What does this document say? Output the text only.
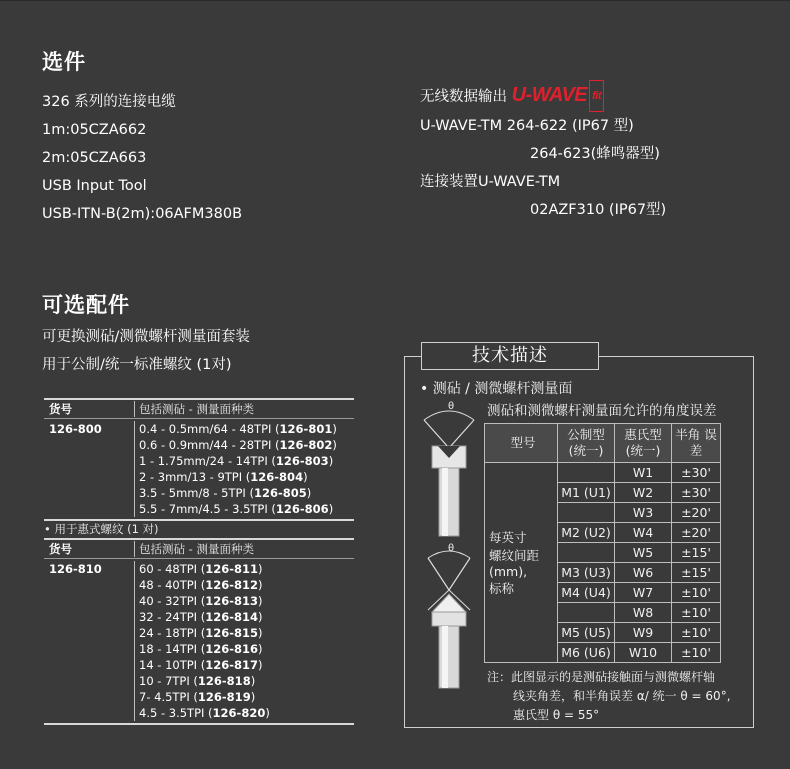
选件
326 系列的连接电缆
1m:05CZA662
2m:05CZA663
USB Input Tool
USB-ITN-B(2m):06AFM380B
无线数据输出 U-WAVE fit
U-WAVE-TM 264-622 (IP67 型)
264-623(蜂鸣器型)
连接装置U-WAVE-TM
02AZF310 (IP67型)
可选配件
可更换测砧/测微螺杆测量面套装
用于公制/统一标准螺纹 (1对)
货号	包括测砧 - 测量面种类
126-800	0.4 - 0.5mm/64 - 48TPI (126-801)
0.6 - 0.9mm/44 - 28TPI (126-802)
1 - 1.75mm/24 - 14TPI (126-803)
2 - 3mm/13 - 9TPI (126-804)
3.5 - 5mm/8 - 5TPI (126-805)
5.5 - 7mm/4.5 - 3.5TPI (126-806)
• 用于惠式螺纹 (1 对)
货号	包括测砧 - 测量面种类
126-810	60 - 48TPI (126-811)
48 - 40TPI (126-812)
40 - 32TPI (126-813)
32 - 24TPI (126-814)
24 - 18TPI (126-815)
18 - 14TPI (126-816)
14 - 10TPI (126-817)
10 - 7TPI (126-818)
7- 4.5TPI (126-819)
4.5 - 3.5TPI (126-820)
技术描述
• 测砧 / 测微螺杆测量面
测砧和测微螺杆测量面允许的角度误差
θ
θ
型号	公制型 (统一)	惠氏型 (统一)	半角 误差

每英寸
螺纹间距
(mm),
标称		W1	±30'
	M1 (U1)	W2	±30'
		W3	±20'
	M2 (U2)	W4	±20'
		W5	±15'
	M3 (U3)	W6	±15'
	M4 (U4)	W7	±10'
		W8	±10'
	M5 (U5)	W9	±10'
	M6 (U6)	W10	±10'
注：此图显示的是测砧接触面与测微螺杆轴
线夹角差，和半角误差 α/ 统一 θ = 60°,
惠氏型 θ = 55°
